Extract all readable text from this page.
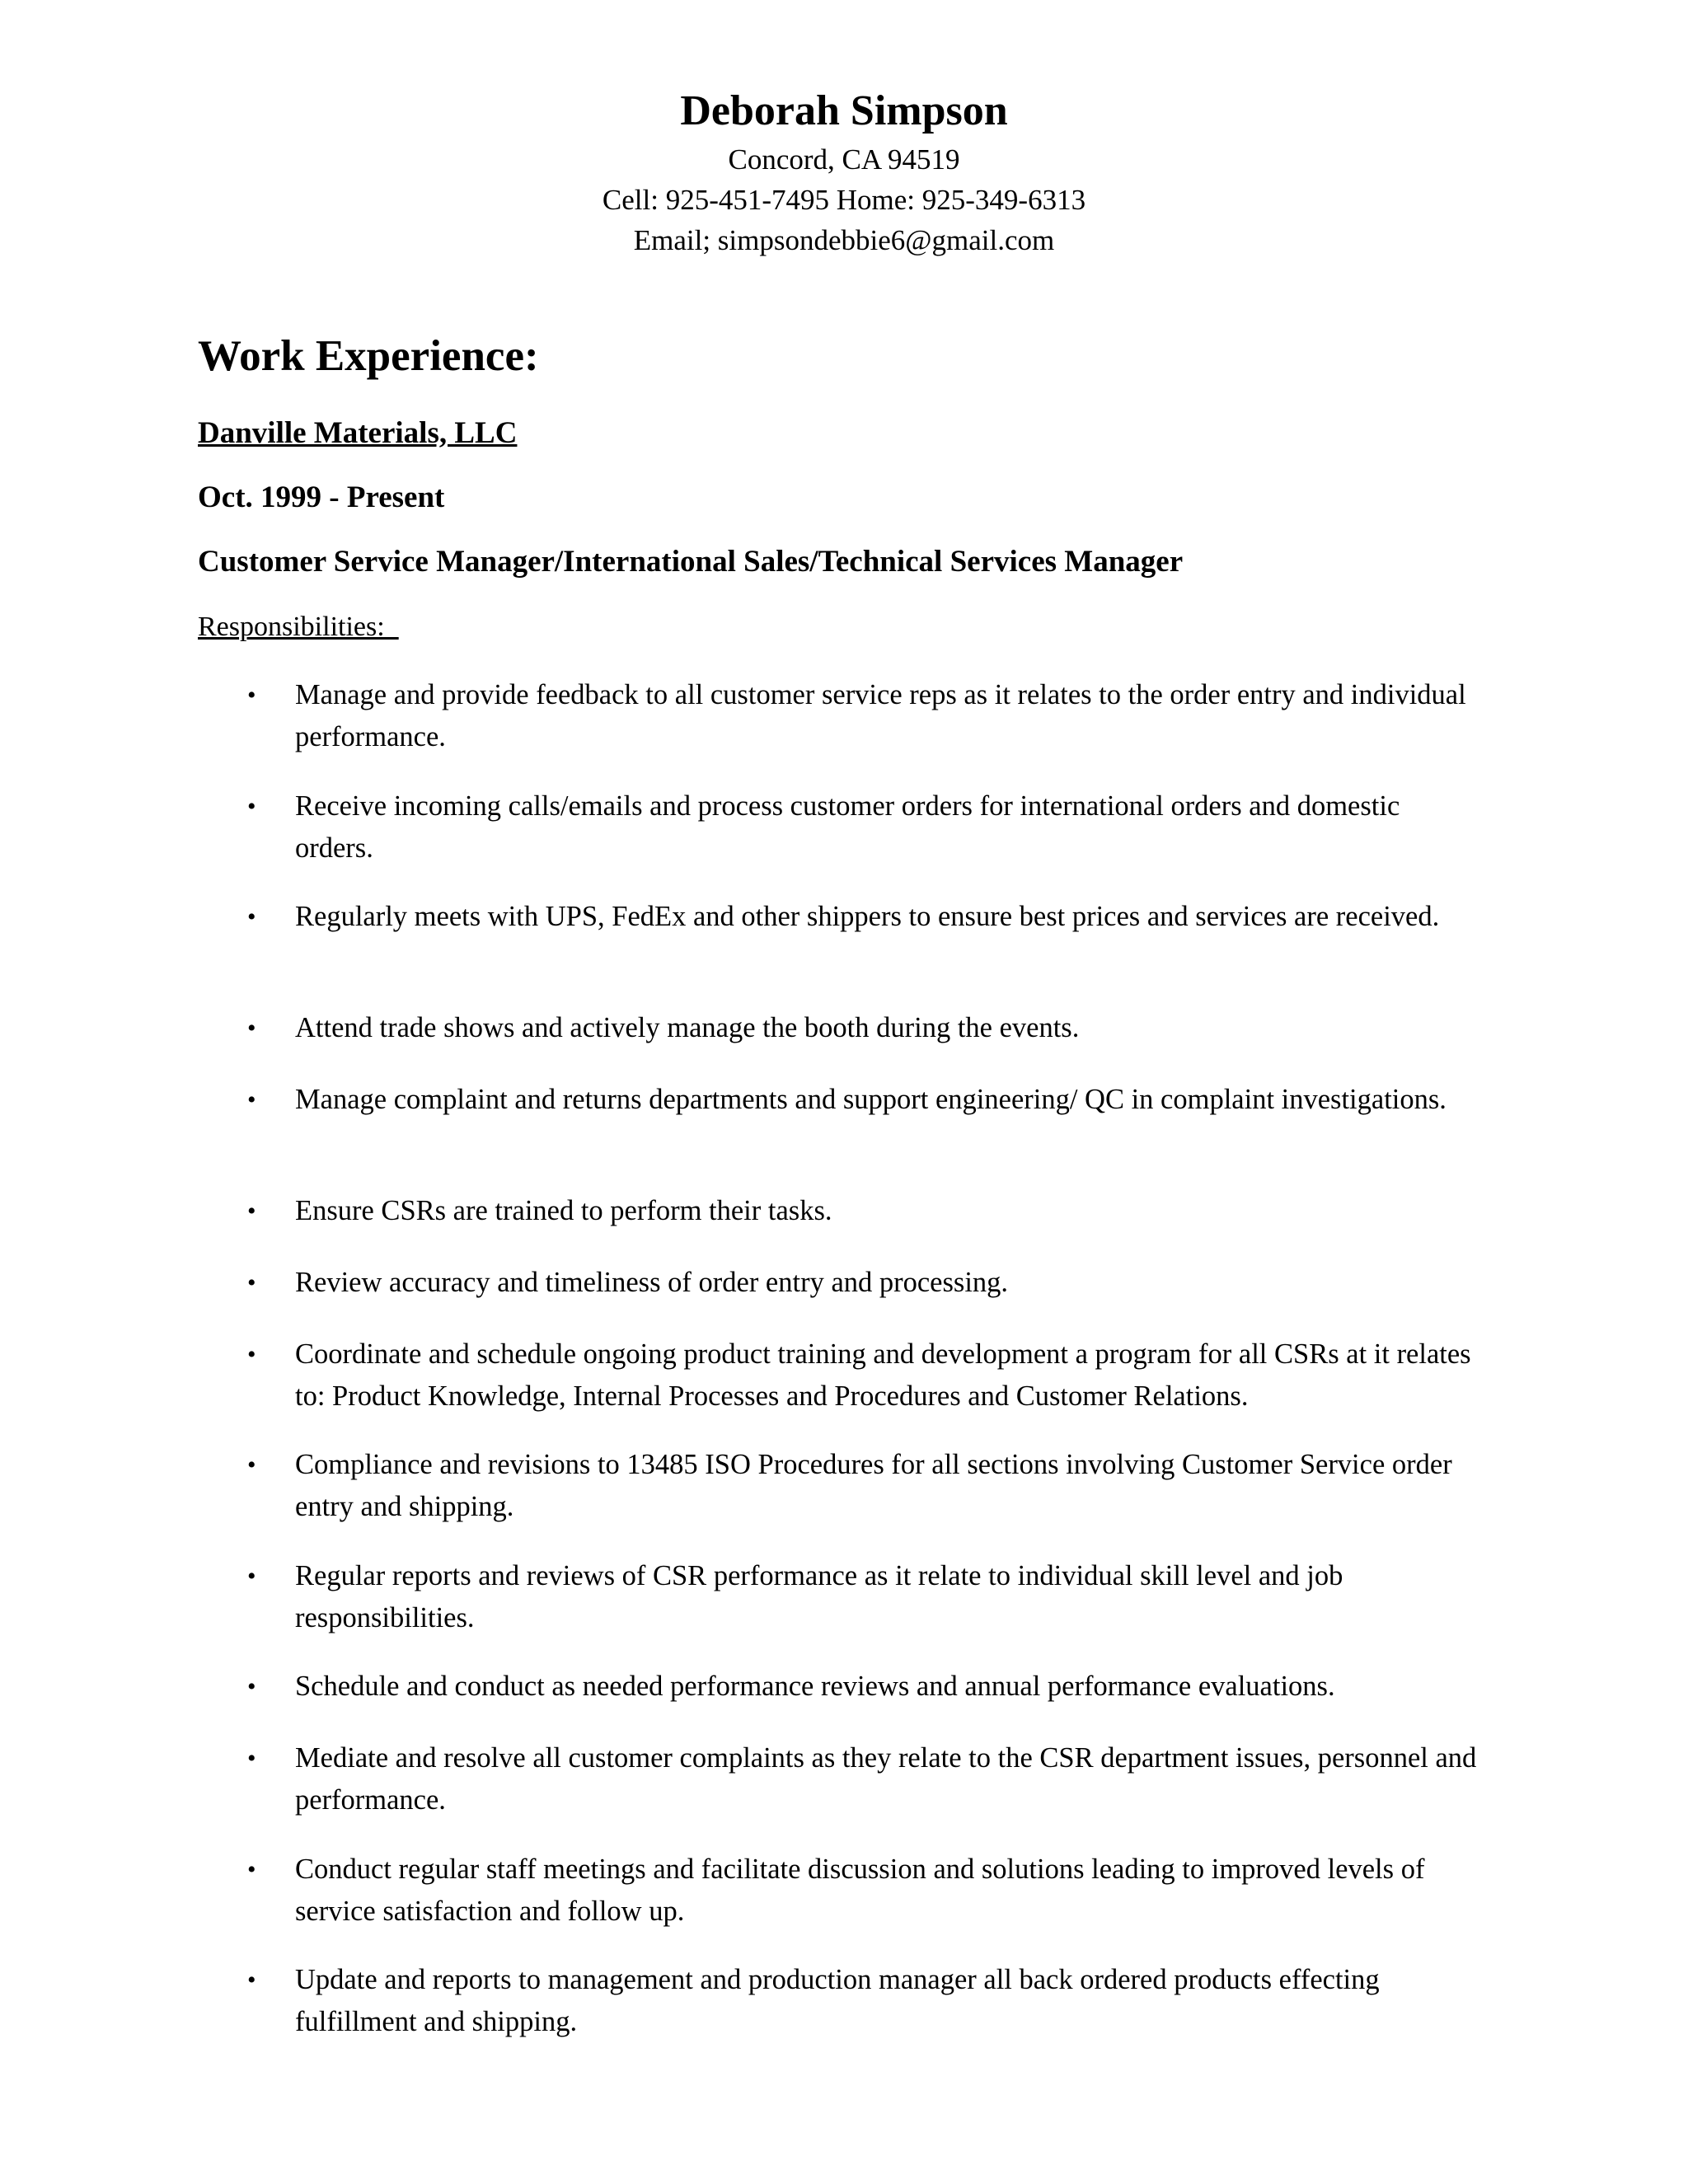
Deborah Simpson
Concord, CA 94519
Cell: 925-451-7495 Home: 925-349-6313
Email; simpsondebbie6@gmail.com
Work Experience:
Danville Materials, LLC
Oct. 1999 - Present
Customer Service Manager/International Sales/Technical Services Manager
Responsibilities:
•	Manage and provide feedback to all customer service reps as it relates to the order entry and individual performance.
•	Receive incoming calls/emails and process customer orders for international orders and domestic orders.
•	Regularly meets with UPS, FedEx and other shippers to ensure best prices and services are received.
•	Attend trade shows and actively manage the booth during the events.
•	Manage complaint and returns departments and support engineering/ QC in complaint investigations.
•	Ensure CSRs are trained to perform their tasks.
•	Review accuracy and timeliness of order entry and processing.
•	Coordinate and schedule ongoing product training and development a program for all CSRs at it relates to: Product Knowledge, Internal Processes and Procedures and Customer Relations.
•	Compliance and revisions to 13485 ISO Procedures for all sections involving Customer Service order entry and shipping.
•	Regular reports and reviews of CSR performance as it relate to individual skill level and job responsibilities.
•	Schedule and conduct as needed performance reviews and annual performance evaluations.
•	Mediate and resolve all customer complaints as they relate to the CSR department issues, personnel and performance.
•	Conduct regular staff meetings and facilitate discussion and solutions leading to improved levels of service satisfaction and follow up.
•	Update and reports to management and production manager all back ordered products effecting fulfillment and shipping.
